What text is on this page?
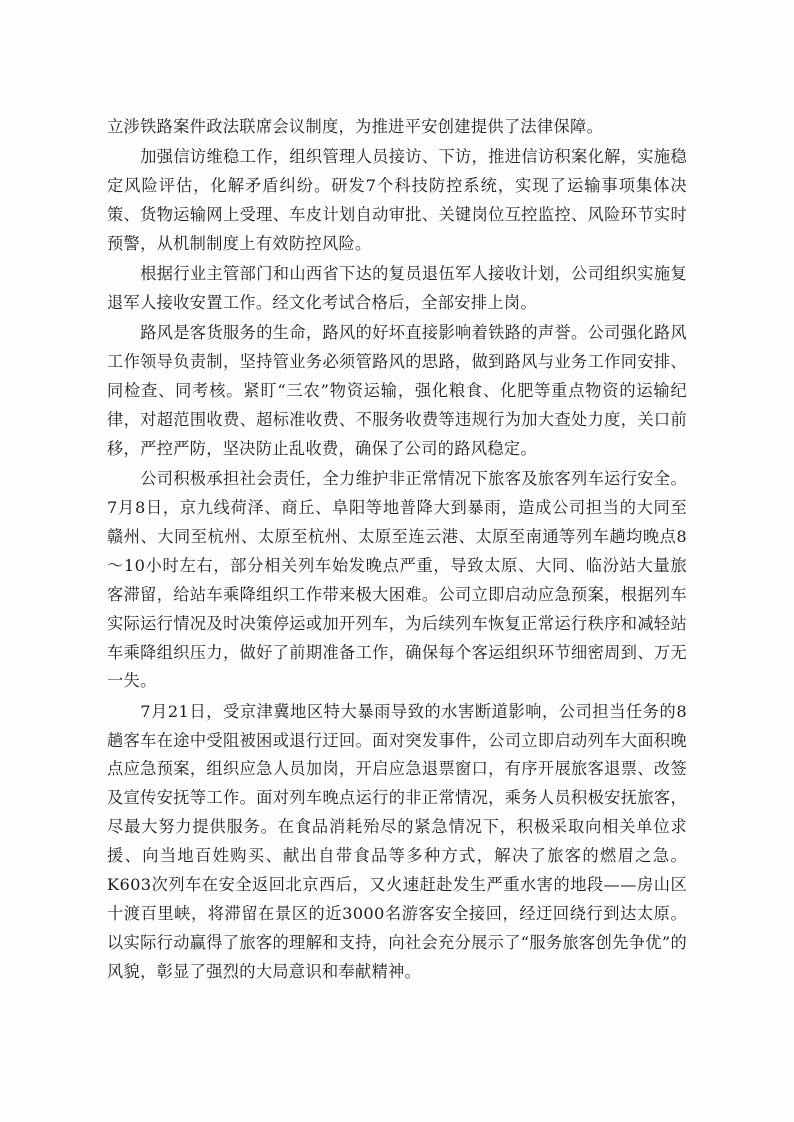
立涉铁路案件政法联席会议制度，为推进平安创建提供了法律保障。

加强信访维稳工作，组织管理人员接访、下访，推进信访积案化解，实施稳定风险评估，化解矛盾纠纷。研发7个科技防控系统，实现了运输事项集体决策、货物运输网上受理、车皮计划自动审批、关键岗位互控监控、风险环节实时预警，从机制制度上有效防控风险。

根据行业主管部门和山西省下达的复员退伍军人接收计划，公司组织实施复退军人接收安置工作。经文化考试合格后，全部安排上岗。

路风是客货服务的生命，路风的好坏直接影响着铁路的声誉。公司强化路风工作领导负责制，坚持管业务必须管路风的思路，做到路风与业务工作同安排、同检查、同考核。紧盯“三农”物资运输，强化粮食、化肥等重点物资的运输纪律，对超范围收费、超标准收费、不服务收费等违规行为加大查处力度，关口前移，严控严防，坚决防止乱收费，确保了公司的路风稳定。

公司积极承担社会责任，全力维护非正常情况下旅客及旅客列车运行安全。7月8日，京九线荷泽、商丘、阜阳等地普降大到暴雨，造成公司担当的大同至赣州、大同至杭州、太原至杭州、太原至连云港、太原至南通等列车趟均晚点8～10小时左右，部分相关列车始发晚点严重，导致太原、大同、临汾站大量旅客滞留，给站车乘降组织工作带来极大困难。公司立即启动应急预案，根据列车实际运行情况及时决策停运或加开列车，为后续列车恢复正常运行秩序和减轻站车乘降组织压力，做好了前期准备工作，确保每个客运组织环节细密周到、万无一失。

7月21日，受京津冀地区特大暴雨导致的水害断道影响，公司担当任务的8趟客车在途中受阻被困或退行迂回。面对突发事件，公司立即启动列车大面积晚点应急预案，组织应急人员加岗，开启应急退票窗口，有序开展旅客退票、改签及宣传安抚等工作。面对列车晚点运行的非正常情况，乘务人员积极安抚旅客，尽最大努力提供服务。在食品消耗殆尽的紧急情况下，积极采取向相关单位求援、向当地百姓购买、献出自带食品等多种方式，解决了旅客的燃眉之急。K603次列车在安全返回北京西后，又火速赶赴发生严重水害的地段——房山区十渡百里峡，将滞留在景区的近3000名游客安全接回，经迂回绕行到达太原。以实际行动赢得了旅客的理解和支持，向社会充分展示了“服务旅客创先争优”的风貌，彰显了强烈的大局意识和奉献精神。
